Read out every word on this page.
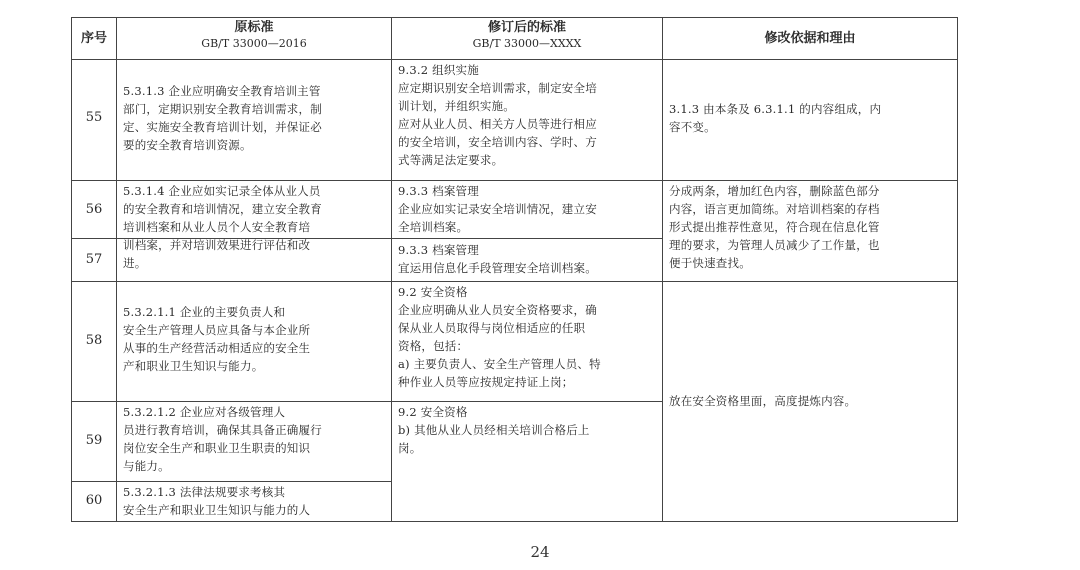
序号
原标准
GB/T 33000—2016
修订后的标准
GB/T 33000—XXXX	修改依据和理由
55
5.3.1.3 企业应明确安全教育培训主管
部门，定期识别安全教育培训需求，制
定、实施安全教育培训计划，并保证必
要的安全教育培训资源。
9.3.2 组织实施
应定期识别安全培训需求，制定安全培
训计划，并组织实施。
应对从业人员、相关方人员等进行相应
的安全培训，安全培训内容、学时、方
式等满足法定要求。
3.1.3 由本条及 6.3.1.1 的内容组成，内
容不变。
56
57
5.3.1.4 企业应如实记录全体从业人员
的安全教育和培训情况，建立安全教育
培训档案和从业人员个人安全教育培
训档案，并对培训效果进行评估和改
进。
9.3.3 档案管理
企业应如实记录安全培训情况，建立安
全培训档案。
9.3.3 档案管理
宜运用信息化手段管理安全培训档案。
分成两条，增加红色内容，删除蓝色部分
内容，语言更加简练。对培训档案的存档
形式提出推荐性意见，符合现在信息化管
理的要求，为管理人员减少了工作量，也
便于快速查找。
58
5.3.2.1.1 企业的主要负责人和
安全生产管理人员应具备与本企业所
从事的生产经营活动相适应的安全生
产和职业卫生知识与能力。
9.2 安全资格
企业应明确从业人员安全资格要求，确
保从业人员取得与岗位相适应的任职
资格，包括：
a) 主要负责人、安全生产管理人员、特
种作业人员等应按规定持证上岗；
59
5.3.2.1.2 企业应对各级管理人
员进行教育培训，确保其具备正确履行
岗位安全生产和职业卫生职责的知识
与能力。
9.2 安全资格
b) 其他从业人员经相关培训合格后上
岗。
60
5.3.2.1.3 法律法规要求考核其
安全生产和职业卫生知识与能力的人
放在安全资格里面，高度提炼内容。
24
